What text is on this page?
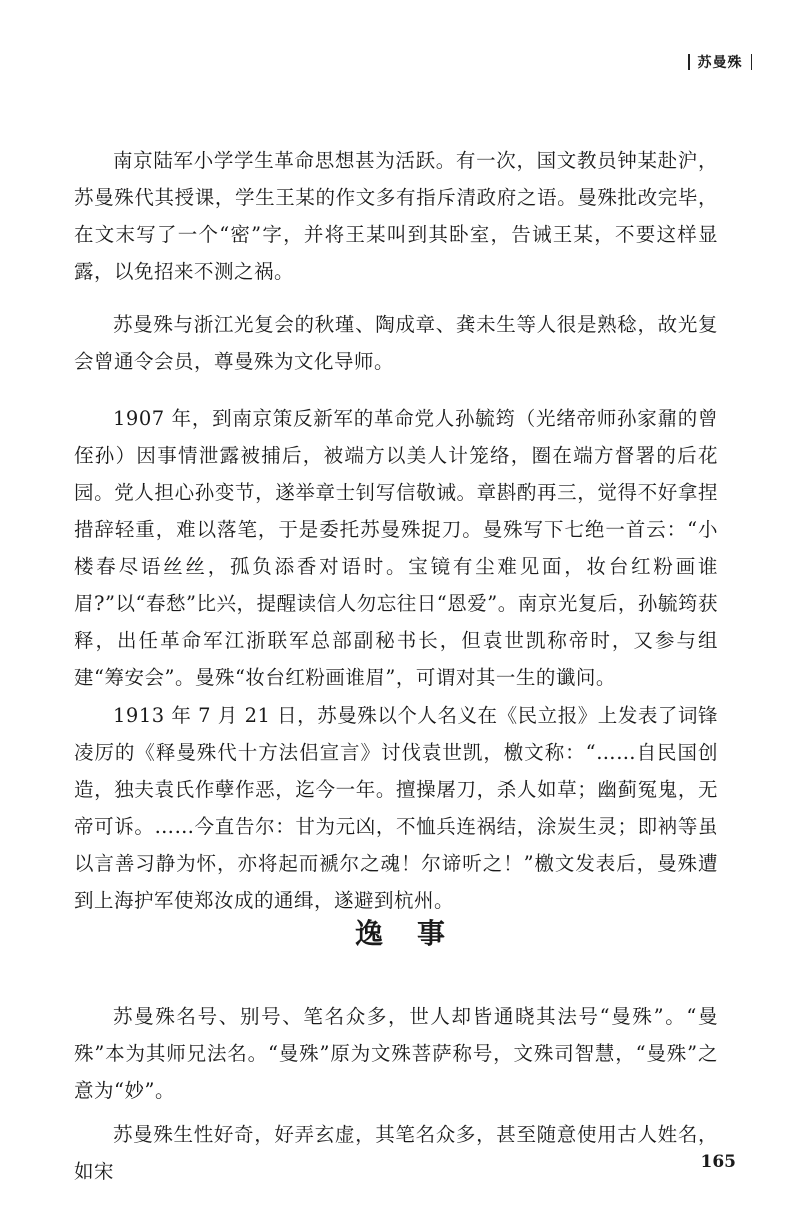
苏曼殊

南京陆军小学学生革命思想甚为活跃。有一次，国文教员钟某赴沪，苏曼殊代其授课，学生王某的作文多有指斥清政府之语。曼殊批改完毕，在文末写了一个“密”字，并将王某叫到其卧室，告诫王某，不要这样显露，以免招来不测之祸。

苏曼殊与浙江光复会的秋瑾、陶成章、龚未生等人很是熟稔，故光复会曾通令会员，尊曼殊为文化导师。

1907 年，到南京策反新军的革命党人孙毓筠（光绪帝师孙家鼐的曾侄孙）因事情泄露被捕后，被端方以美人计笼络，圈在端方督署的后花园。党人担心孙变节，遂举章士钊写信敬诫。章斟酌再三，觉得不好拿捏措辞轻重，难以落笔，于是委托苏曼殊捉刀。曼殊写下七绝一首云：“小楼春尽语丝丝，孤负添香对语时。宝镜有尘难见面，妆台红粉画谁眉?”以“春愁”比兴，提醒读信人勿忘往日“恩爱”。南京光复后，孙毓筠获释，出任革命军江浙联军总部副秘书长，但袁世凯称帝时，又参与组建“筹安会”。曼殊“妆台红粉画谁眉”，可谓对其一生的谶问。

1913 年 7 月 21 日，苏曼殊以个人名义在《民立报》上发表了词锋凌厉的《释曼殊代十方法侣宣言》讨伐袁世凯，檄文称：“……自民国创造，独夫袁氏作孽作恶，迄今一年。擅操屠刀，杀人如草；幽蓟冤鬼，无帝可诉。……今直告尔：甘为元凶，不恤兵连祸结，涂炭生灵；即衲等虽以言善习静为怀，亦将起而褫尔之魂！尔谛听之！”檄文发表后，曼殊遭到上海护军使郑汝成的通缉，遂避到杭州。

逸事

苏曼殊名号、别号、笔名众多，世人却皆通晓其法号“曼殊”。“曼殊”本为其师兄法名。“曼殊”原为文殊菩萨称号，文殊司智慧，“曼殊”之意为“妙”。

苏曼殊生性好奇，好弄玄虚，其笔名众多，甚至随意使用古人姓名，如宋	165
